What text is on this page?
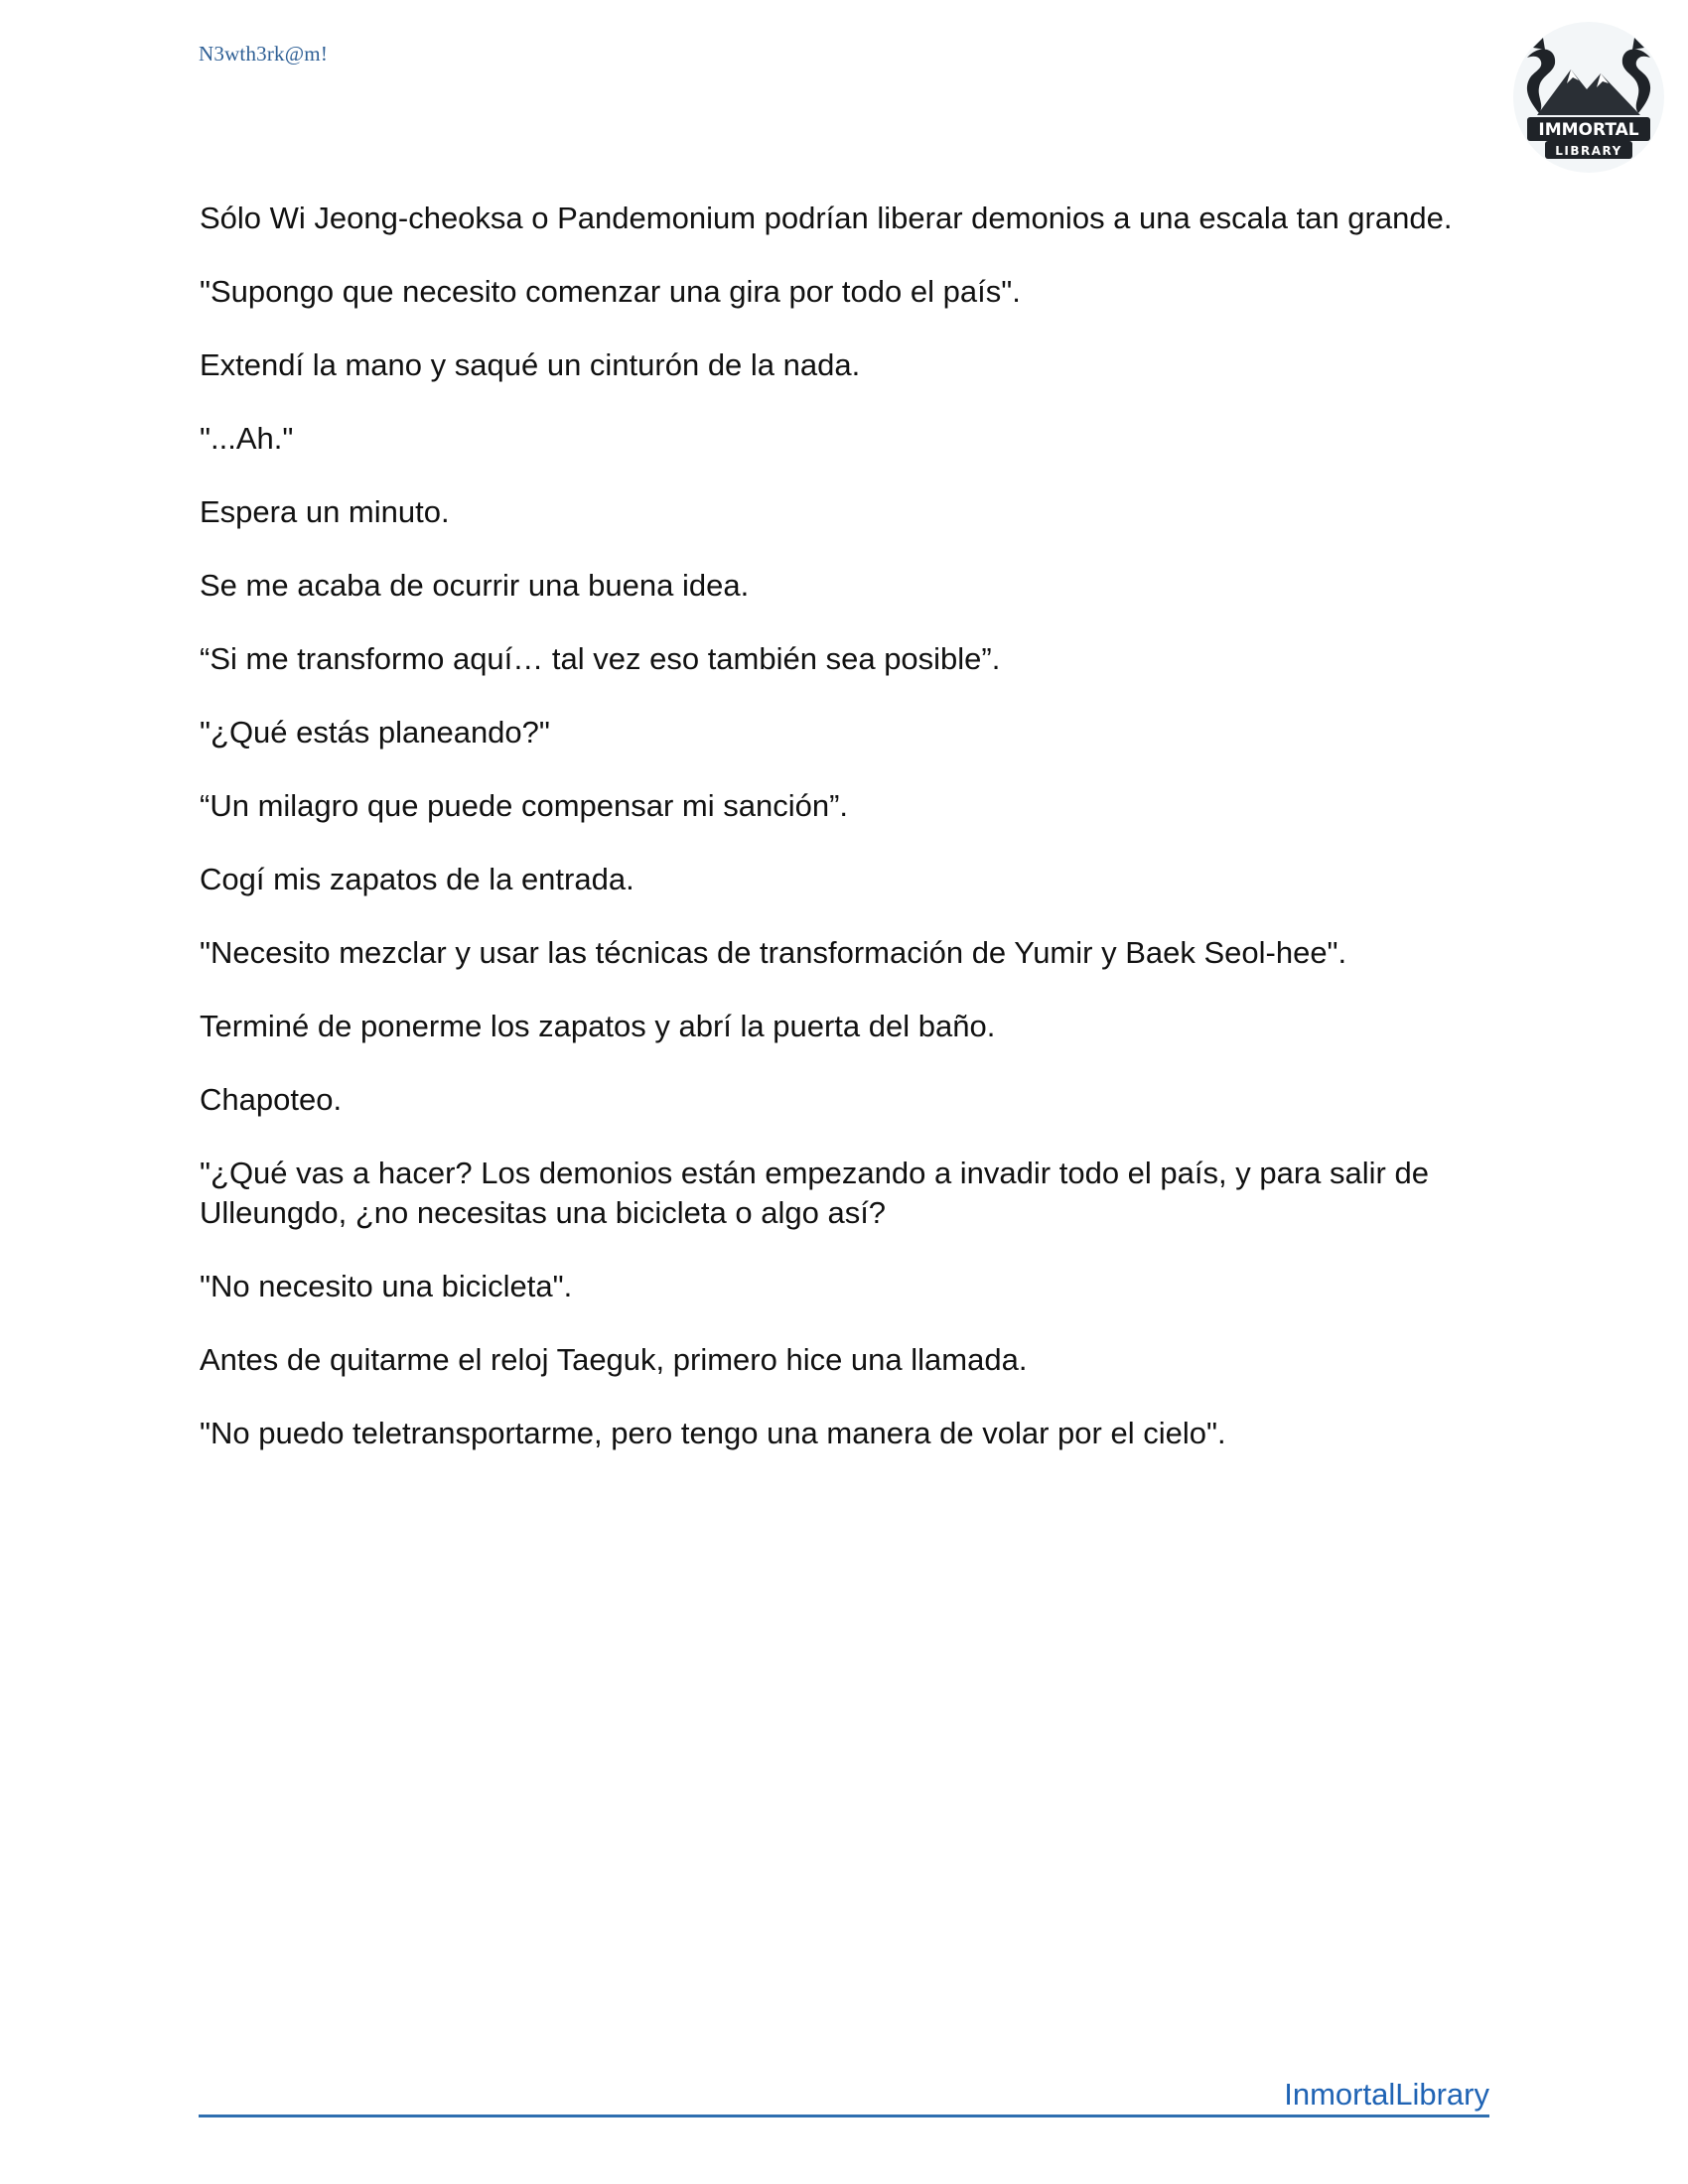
N3wth3rk@m!
IMMORTAL
LIBRARY

Sólo Wi Jeong-cheoksa o Pandemonium podrían liberar demonios a una escala tan grande.

"Supongo que necesito comenzar una gira por todo el país".

Extendí la mano y saqué un cinturón de la nada.

"...Ah."

Espera un minuto.

Se me acaba de ocurrir una buena idea.

“Si me transformo aquí… tal vez eso también sea posible”.

"¿Qué estás planeando?"

“Un milagro que puede compensar mi sanción”.

Cogí mis zapatos de la entrada.

"Necesito mezclar y usar las técnicas de transformación de Yumir y Baek Seol-hee".

Terminé de ponerme los zapatos y abrí la puerta del baño.

Chapoteo.

"¿Qué vas a hacer? Los demonios están empezando a invadir todo el país, y para salir de Ulleungdo, ¿no necesitas una bicicleta o algo así?

"No necesito una bicicleta".

Antes de quitarme el reloj Taeguk, primero hice una llamada.

"No puedo teletransportarme, pero tengo una manera de volar por el cielo".

InmortalLibrary
